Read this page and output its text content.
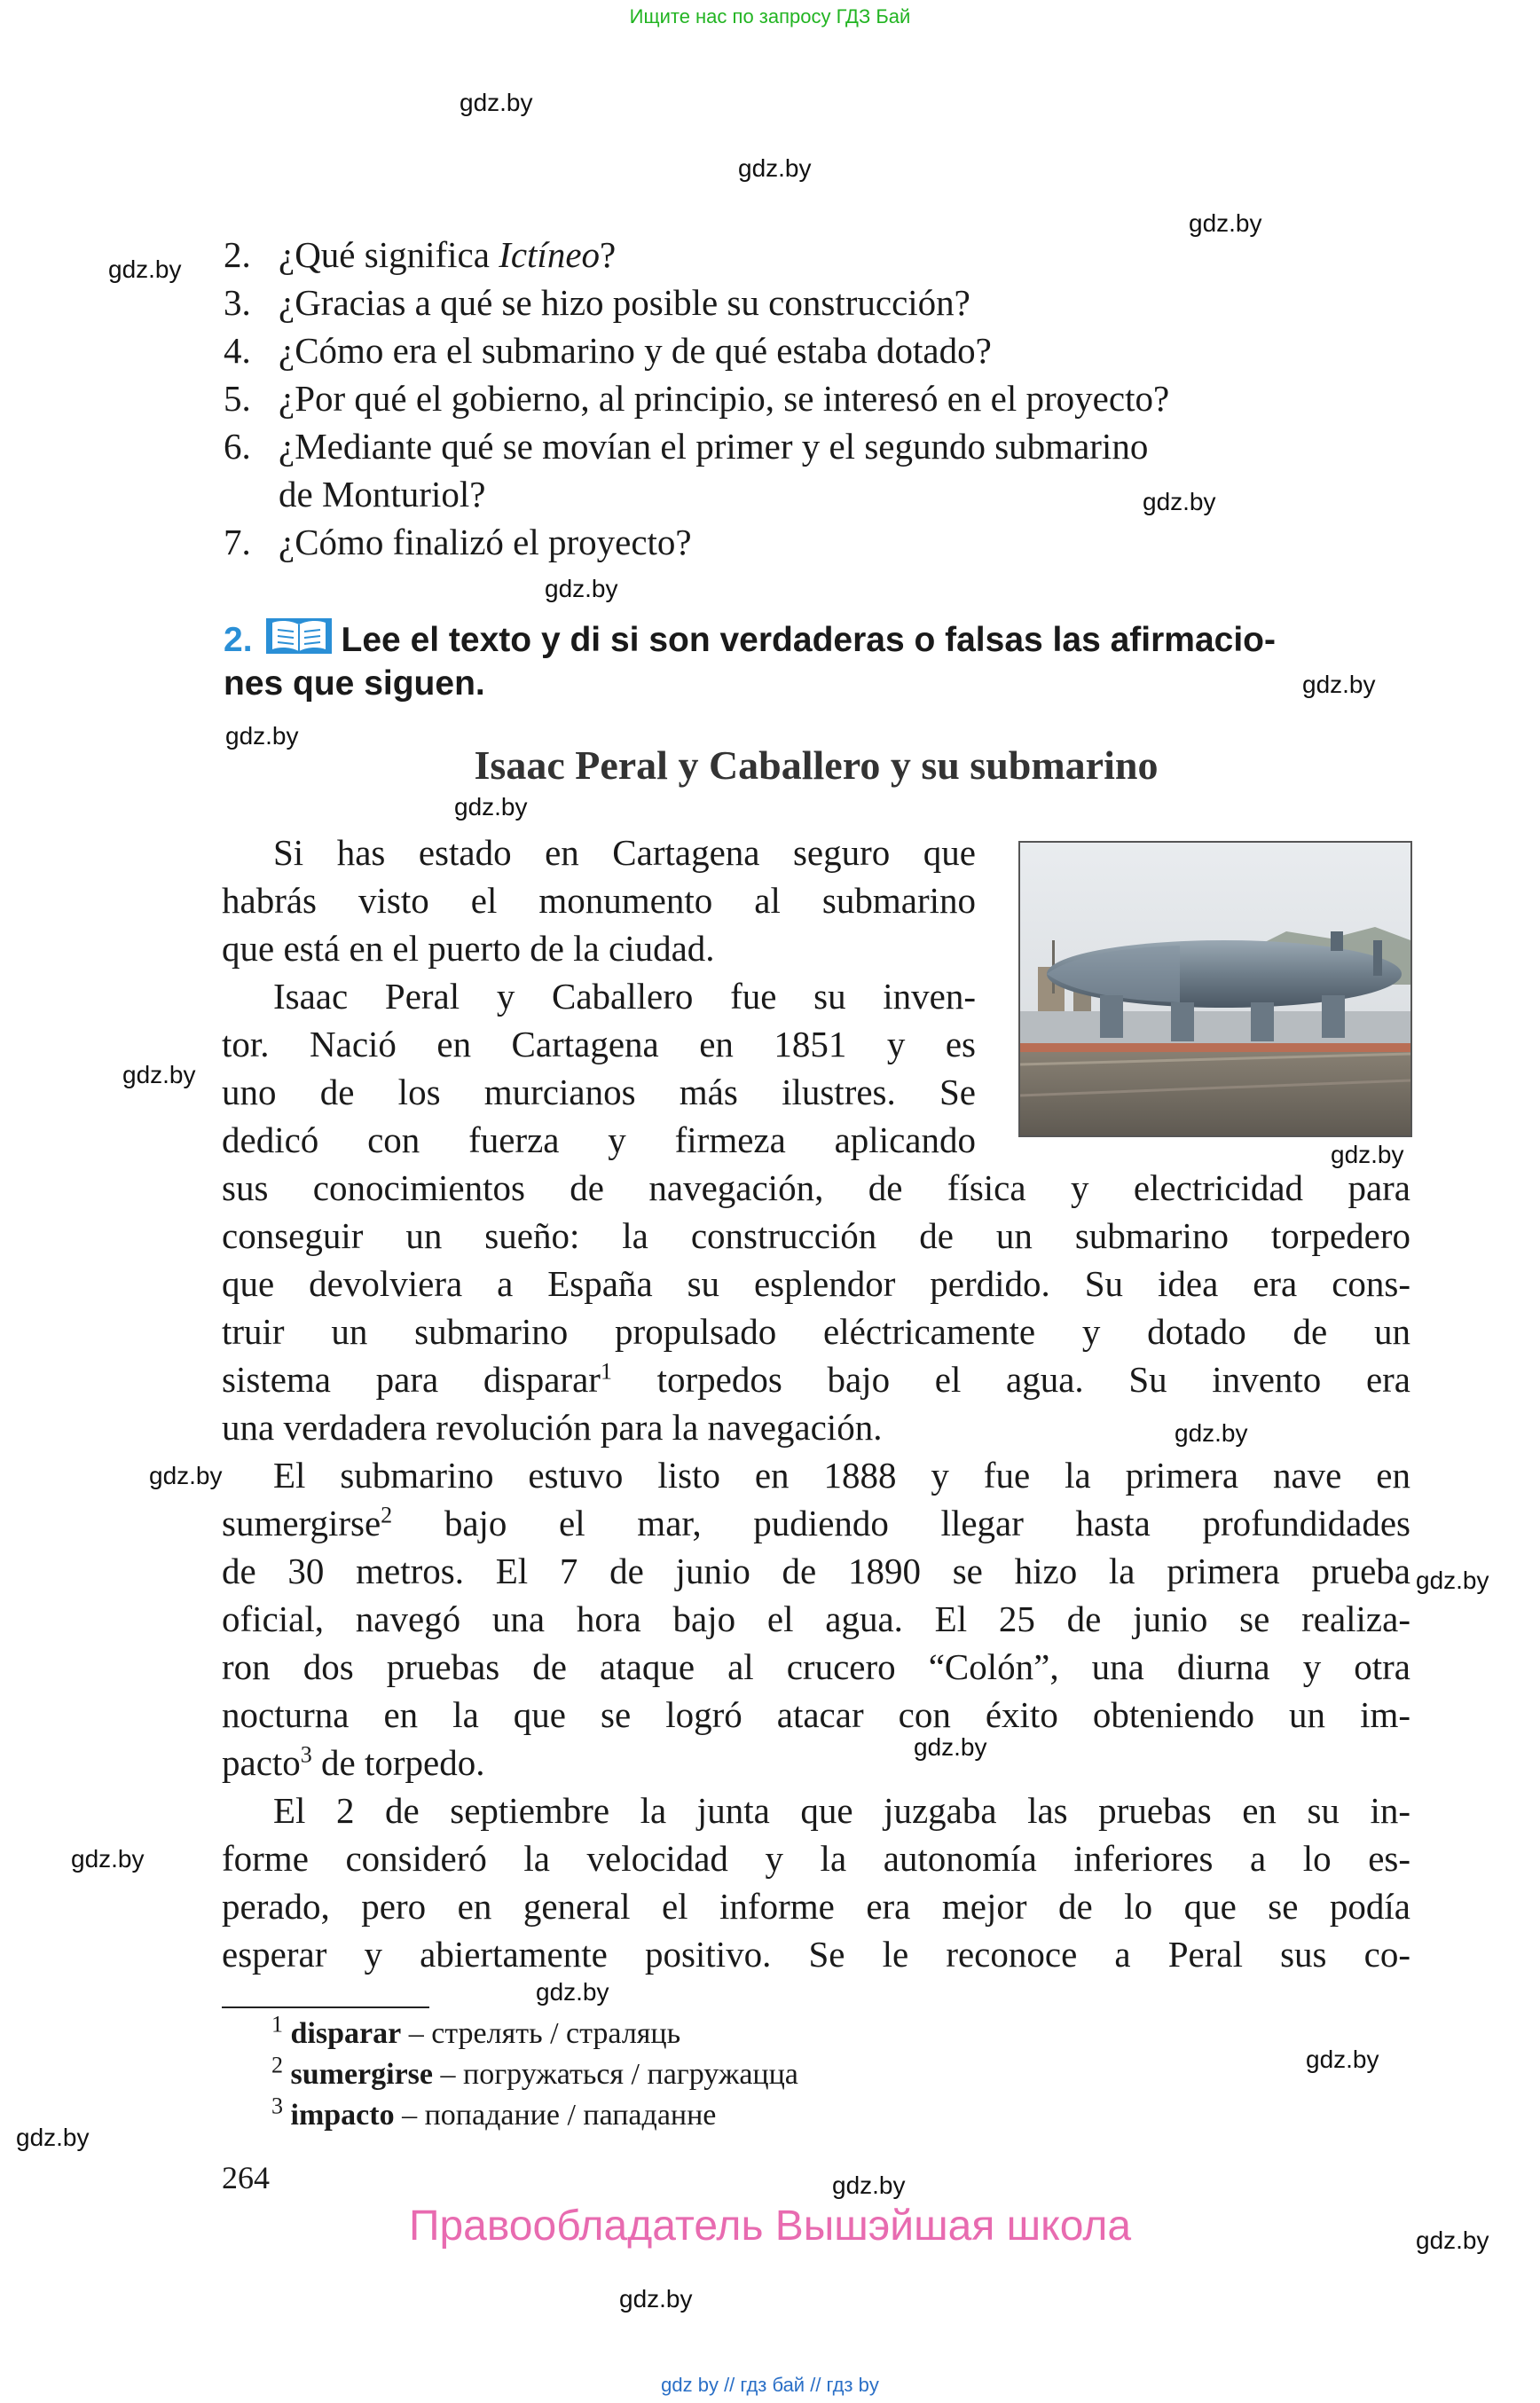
Ищите нас по запросу ГДЗ Бай
gdz.by
gdz.by
gdz.by
gdz.by
gdz.by
gdz.by
gdz.by
gdz.by
gdz.by
gdz.by
gdz.by
gdz.by
gdz.by
gdz.by
gdz.by
gdz.by
gdz.by
gdz.by
gdz.by
gdz.by
gdz.by
gdz.by
2. ¿Qué significa Ictíneo?
3. ¿Gracias a qué se hizo posible su construcción?
4. ¿Cómo era el submarino y de qué estaba dotado?
5. ¿Por qué el gobierno, al principio, se interesó en el proyecto?
6. ¿Mediante qué se movían el primer y el segundo submarino
de Monturiol?
7. ¿Cómo finalizó el proyecto?
2.	Lee el texto y di si son verdaderas o falsas las afirmacio-
nes que siguen.
Isaac Peral y Caballero y su submarino
Si has estado en Cartagena seguro que
habrás visto el monumento al submarino
que está en el puerto de la ciudad.
Isaac Peral y Caballero fue su inven-
tor. Nació en Cartagena en 1851 y es
uno de los murcianos más ilustres. Se
dedicó con fuerza y firmeza aplicando
sus conocimientos de navegación, de física y electricidad para
conseguir un sueño: la construcción de un submarino torpedero
que devolviera a España su esplendor perdido. Su idea era cons-
truir un submarino propulsado eléctricamente y dotado de un
sistema para disparar$^1$ torpedos bajo el agua. Su invento era
una verdadera revolución para la navegación.
El submarino estuvo listo en 1888 y fue la primera nave en
sumergirse$^2$ bajo el mar, pudiendo llegar hasta profundidades
de 30 metros. El 7 de junio de 1890 se hizo la primera prueba
oficial, navegó una hora bajo el agua. El 25 de junio se realiza-
ron dos pruebas de ataque al crucero “Colón”, una diurna y otra
nocturna en la que se logró atacar con éxito obteniendo un im-
pacto$^3$ de torpedo.
El 2 de septiembre la junta que juzgaba las pruebas en su in-
forme consideró la velocidad y la autonomía inferiores a lo es-
perado, pero en general el informe era mejor de lo que se podía
esperar y abiertamente positivo. Se le reconoce a Peral sus co-
$^1$ disparar – стрелять / страляць
$^2$ sumergirse – погружаться / пагружацца
$^3$ impacto – попадание / пападанне
264
Правообладатель Вышэйшая школа
gdz by // гдз бай // гдз by
